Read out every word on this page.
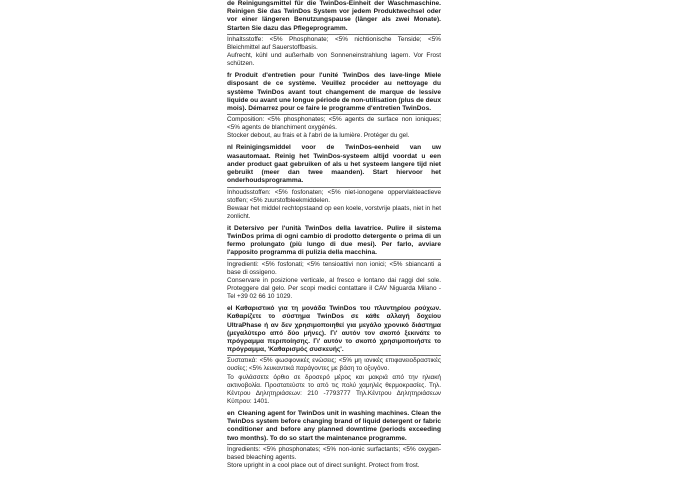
de Reinigungsmittel für die TwinDos-Einheit der Waschmaschine. Reinigen Sie das TwinDos System vor jedem Produktwechsel oder vor einer längeren Benutzungspause (länger als zwei Monate). Starten Sie dazu das Pflegeprogramm.

Inhaltsstoffe: <5% Phosphonate; <5% nichtionische Tenside; <5% Bleichmittel auf Sauerstoffbasis.

Aufrecht, kühl und außerhalb von Sonneneinstrahlung lagern. Vor Frost schützen.

fr Produit d'entretien pour l'unité TwinDos des lave-linge Miele disposant de ce système. Veuillez procéder au nettoyage du système TwinDos avant tout changement de marque de lessive liquide ou avant une longue période de non-utilisation (plus de deux mois). Démarrez pour ce faire le programme d'entretien TwinDos.

Composition: <5% phosphonates; <5% agents de surface non ioniques; <5% agents de blanchiment oxygénés.

Stocker debout, au frais et à l'abri de la lumière. Protéger du gel.

nl Reinigingsmiddel voor de TwinDos-eenheid van uw wasautomaat. Reinig het TwinDos-systeem altijd voordat u een ander product gaat gebruiken of als u het systeem langere tijd niet gebruikt (meer dan twee maanden). Start hiervoor het onderhoudsprogramma.

Inhoudsstoffen: <5% fosfonaten; <5% niet-ionogene oppervlakteactieve stoffen; <5% zuurstofbleekmiddelen.

Bewaar het middel rechtopstaand op een koele, vorstvrije plaats, niet in het zonlicht.

it Detersivo per l'unità TwinDos della lavatrice. Pulire il sistema TwinDos prima di ogni cambio di prodotto detergente o prima di un fermo prolungato (più lungo di due mesi). Per farlo, avviare l'apposito programma di pulizia della macchina.

Ingredienti: <5% fosfonati; <5% tensioattivi non ionici; <5% sbiancanti a base di ossigeno.

Conservare in posizione verticale, al fresco e lontano dai raggi del sole. Proteggere dal gelo. Per scopi medici contattare il CAV Niguarda Milano - Tel +39 02 66 10 1029.

el Καθαριστικό για τη μονάδα TwinDos του πλυντηρίου ρούχων. Καθαρίζετε το σύστημα TwinDos σε κάθε αλλαγή δοχείου UltraPhase ή αν δεν χρησιμοποιηθεί για μεγάλο χρονικό διάστημα (μεγαλύτερο από δύο μήνες). Γι' αυτόν τον σκοπό ξεκινάτε το πρόγραμμα περιποίησης. Γι' αυτόν το σκοπό χρησιμοποιήστε το πρόγραμμα, 'Καθαρισμός συσκευής'.

Συστατικά: <5% φωσφονικές ενώσεις; <5% μη ιονικές επιφανειοδραστικές ουσίες; <5% λευκαντικά παράγοντες με βάση το οξυγόνο.

Το φυλάσσετε όρθιο σε δροσερό μέρος και μακριά από την ηλιακή ακτινοβολία. Προστατεύστε το από τις πολύ χαμηλές θερμοκρασίες. Τηλ. Κέντρου Δηλητηριάσεων: 210 -7793777 Τηλ.Κέντρου Δηλητηριάσεων Κύπρου: 1401.

en Cleaning agent for TwinDos unit in washing machines. Clean the TwinDos system before changing brand of liquid detergent or fabric conditioner and before any planned downtime (periods exceeding two months). To do so start the maintenance programme.

Ingredients: <5% phosphonates; <5% non-ionic surfactants; <5% oxygen-based bleaching agents.

Store upright in a cool place out of direct sunlight. Protect from frost.
